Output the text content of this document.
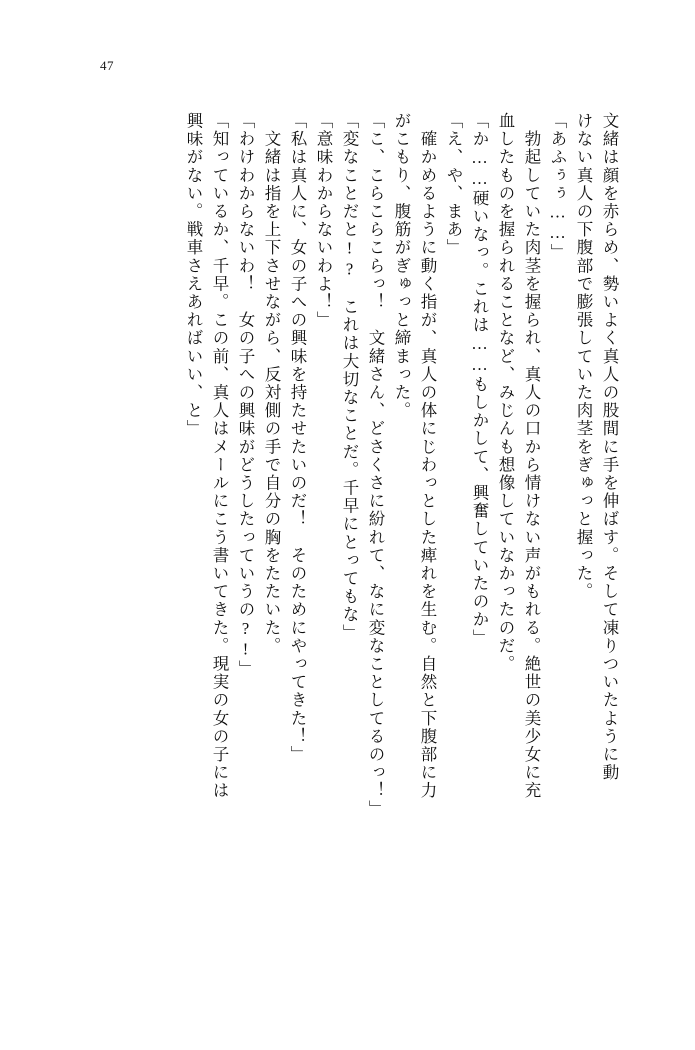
47
文緒は顔を赤らめ、勢いよく真人の股間に手を伸ばす。そして凍りついたように動
けない真人の下腹部で膨張していた肉茎をぎゅっと握った。
「あふぅぅ……」
　勃起していた肉茎を握られ、真人の口から情けない声がもれる。絶世の美少女に充
血したものを握られることなど、みじんも想像していなかったのだ。
「か……硬いなっ。これは……もしかして、興奮していたのか」
「え、や、まあ」
　確かめるように動く指が、真人の体にじわっとした痺れを生む。自然と下腹部に力
がこもり、腹筋がぎゅっと締まった。
「こ、こらこらこらっ！　文緒さん、どさくさに紛れて、なに変なことしてるのっ！」
「変なことだと!?　これは大切なことだ。千早にとってもな」
「意味わからないわよ！」
「私は真人に、女の子への興味を持たせたいのだ！　そのためにやってきた！」
　文緒は指を上下させながら、反対側の手で自分の胸をたたいた。
「わけわからないわ！　女の子への興味がどうしたっていうの?!」
「知っているか、千早。この前、真人はメールにこう書いてきた。現実の女の子には
興味がない。戦車さえあればいい、と」
